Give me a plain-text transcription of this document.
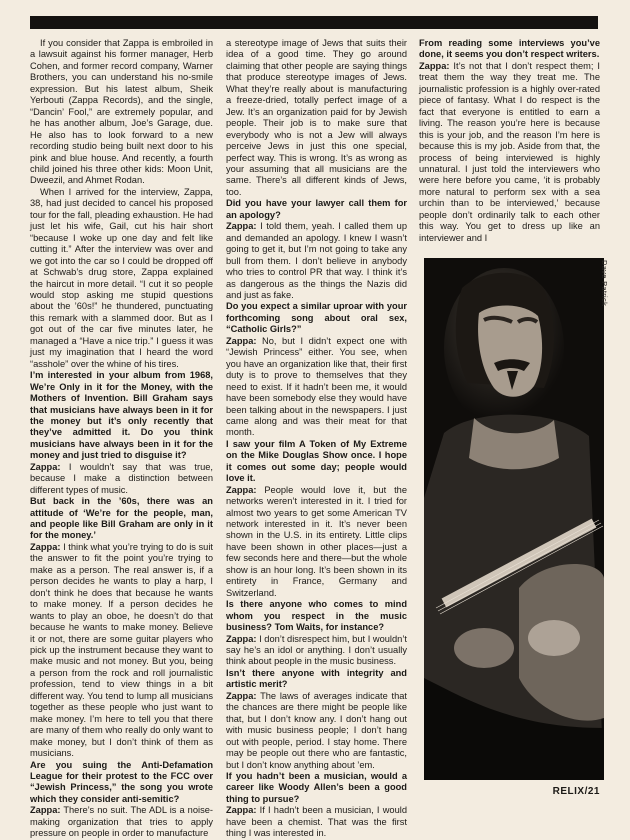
If you consider that Zappa is embroiled in a lawsuit against his former manager, Herb Cohen, and former record company, Warner Brothers, you can understand his no-smile expression. But his latest album, Sheik Yerbouti (Zappa Records), and the single, “Dancin’ Fool,” are extremely popular, and he has another album, Joe’s Garage, due. He also has to look forward to a new recording studio being built next door to his pink and blue house. And recently, a fourth child joined his three other kids: Moon Unit, Dweezil, and Ahmet Rodan.

When I arrived for the interview, Zappa, 38, had just decided to cancel his proposed tour for the fall, pleading exhaustion. He had just let his wife, Gail, cut his hair short “because I woke up one day and felt like cutting it.” After the interview was over and we got into the car so I could be dropped off at Schwab’s drug store, Zappa explained the haircut in more detail. “I cut it so people would stop asking me stupid questions about the ’60s!” he thundered, punctuating this remark with a slammed door. But as I got out of the car five minutes later, he managed a “Have a nice trip.” I guess it was just my imagination that I heard the word “asshole” over the whine of his tires.

I’m interested in your album from 1968, We’re Only in it for the Money, with the Mothers of Invention. Bill Graham says that musicians have always been in it for the money but it’s only recently that they’ve admitted it. Do you think musicians have always been in it for the money and just tried to disguise it?

Zappa: I wouldn’t say that was true, because I make a distinction between different types of music.

But back in the ’60s, there was an attitude of ‘We’re for the people, man, and people like Bill Graham are only in it for the money.’

Zappa: I think what you’re trying to do is suit the answer to fit the point you’re trying to make as a person. The real answer is, if a person decides he wants to play a harp, I don’t think he does that because he wants to make money. If a person decides he wants to play an oboe, he doesn’t do that because he wants to make money. Believe it or not, there are some guitar players who pick up the instrument because they want to make music and not money. But you, being a person from the rock and roll journalistic profession, tend to view things in a bit different way. You tend to lump all musicians together as these people who just want to make money. I’m here to tell you that there are many of them who really do only want to make money, but I don’t think of them as musicians.

Are you suing the Anti-Defamation League for their protest to the FCC over “Jewish Princess,” the song you wrote which they consider anti-semitic?

Zappa: There’s no suit. The ADL is a noise-making organization that tries to apply pressure on people in order to manufacture

a stereotype image of Jews that suits their idea of a good time. They go around claiming that other people are saying things that produce stereotype images of Jews. What they’re really about is manufacturing a freeze-dried, totally perfect image of a Jew. It’s an organization paid for by Jewish people. Their job is to make sure that everybody who is not a Jew will always perceive Jews in just this one special, perfect way. This is wrong. It’s as wrong as your assuming that all musicians are the same. There’s all different kinds of Jews, too.

Did you have your lawyer call them for an apology?

Zappa: I told them, yeah. I called them up and demanded an apology. I knew I wasn’t going to get it, but I’m not going to take any bull from them. I don’t believe in anybody who tries to control PR that way. I think it’s as dangerous as the things the Nazis did and just as fake.

Do you expect a similar uproar with your forthcoming song about oral sex, “Catholic Girls?”

Zappa: No, but I didn’t expect one with “Jewish Princess” either. You see, when you have an organization like that, their first duty is to prove to themselves that they need to exist. If it hadn’t been me, it would have been somebody else they would have been talking about in the newspapers. I just came along and was their meat for that month.

I saw your film A Token of My Extreme on the Mike Douglas Show once. I hope it comes out some day; people would love it.

Zappa: People would love it, but the networks weren’t interested in it. I tried for almost two years to get some American TV network interested in it. It’s never been shown in the U.S. in its entirety. Little clips have been shown in other places—just a few seconds here and there—but the whole show is an hour long. It’s been shown in its entirety in France, Germany and Switzerland.

Is there anyone who comes to mind whom you respect in the music business? Tom Waits, for instance?

Zappa: I don’t disrespect him, but I wouldn’t say he’s an idol or anything. I don’t usually think about people in the music business.

Isn’t there anyone with integrity and artistic merit?

Zappa: The laws of averages indicate that the chances are there might be people like that, but I don’t know any. I don’t hang out with music business people; I don’t hang out with people, period. I stay home. There may be people out there who are fantastic, but I don’t know anything about ’em.

If you hadn’t been a musician, would a career like Woody Allen’s been a good thing to pursue?

Zappa: If I hadn’t been a musician, I would have been a chemist. That was the first thing I was interested in.

From reading some interviews you’ve done, it seems you don’t respect writers.

Zappa: It’s not that I don’t respect them; I treat them the way they treat me. The journalistic profession is a highly over-rated piece of fantasy. What I do respect is the fact that everyone is entitled to earn a living. The reason you’re here is because this is your job, and the reason I’m here is because this is my job. Aside from that, the process of being interviewed is highly unnatural. I just told the interviewers who were here before you came, ‘it is probably more natural to perform sex with a sea urchin than to be interviewed,’ because people don’t ordinarily talk to each other this way. You get to dress up like an interviewer and I

Dave Patrick
RELIX/21
